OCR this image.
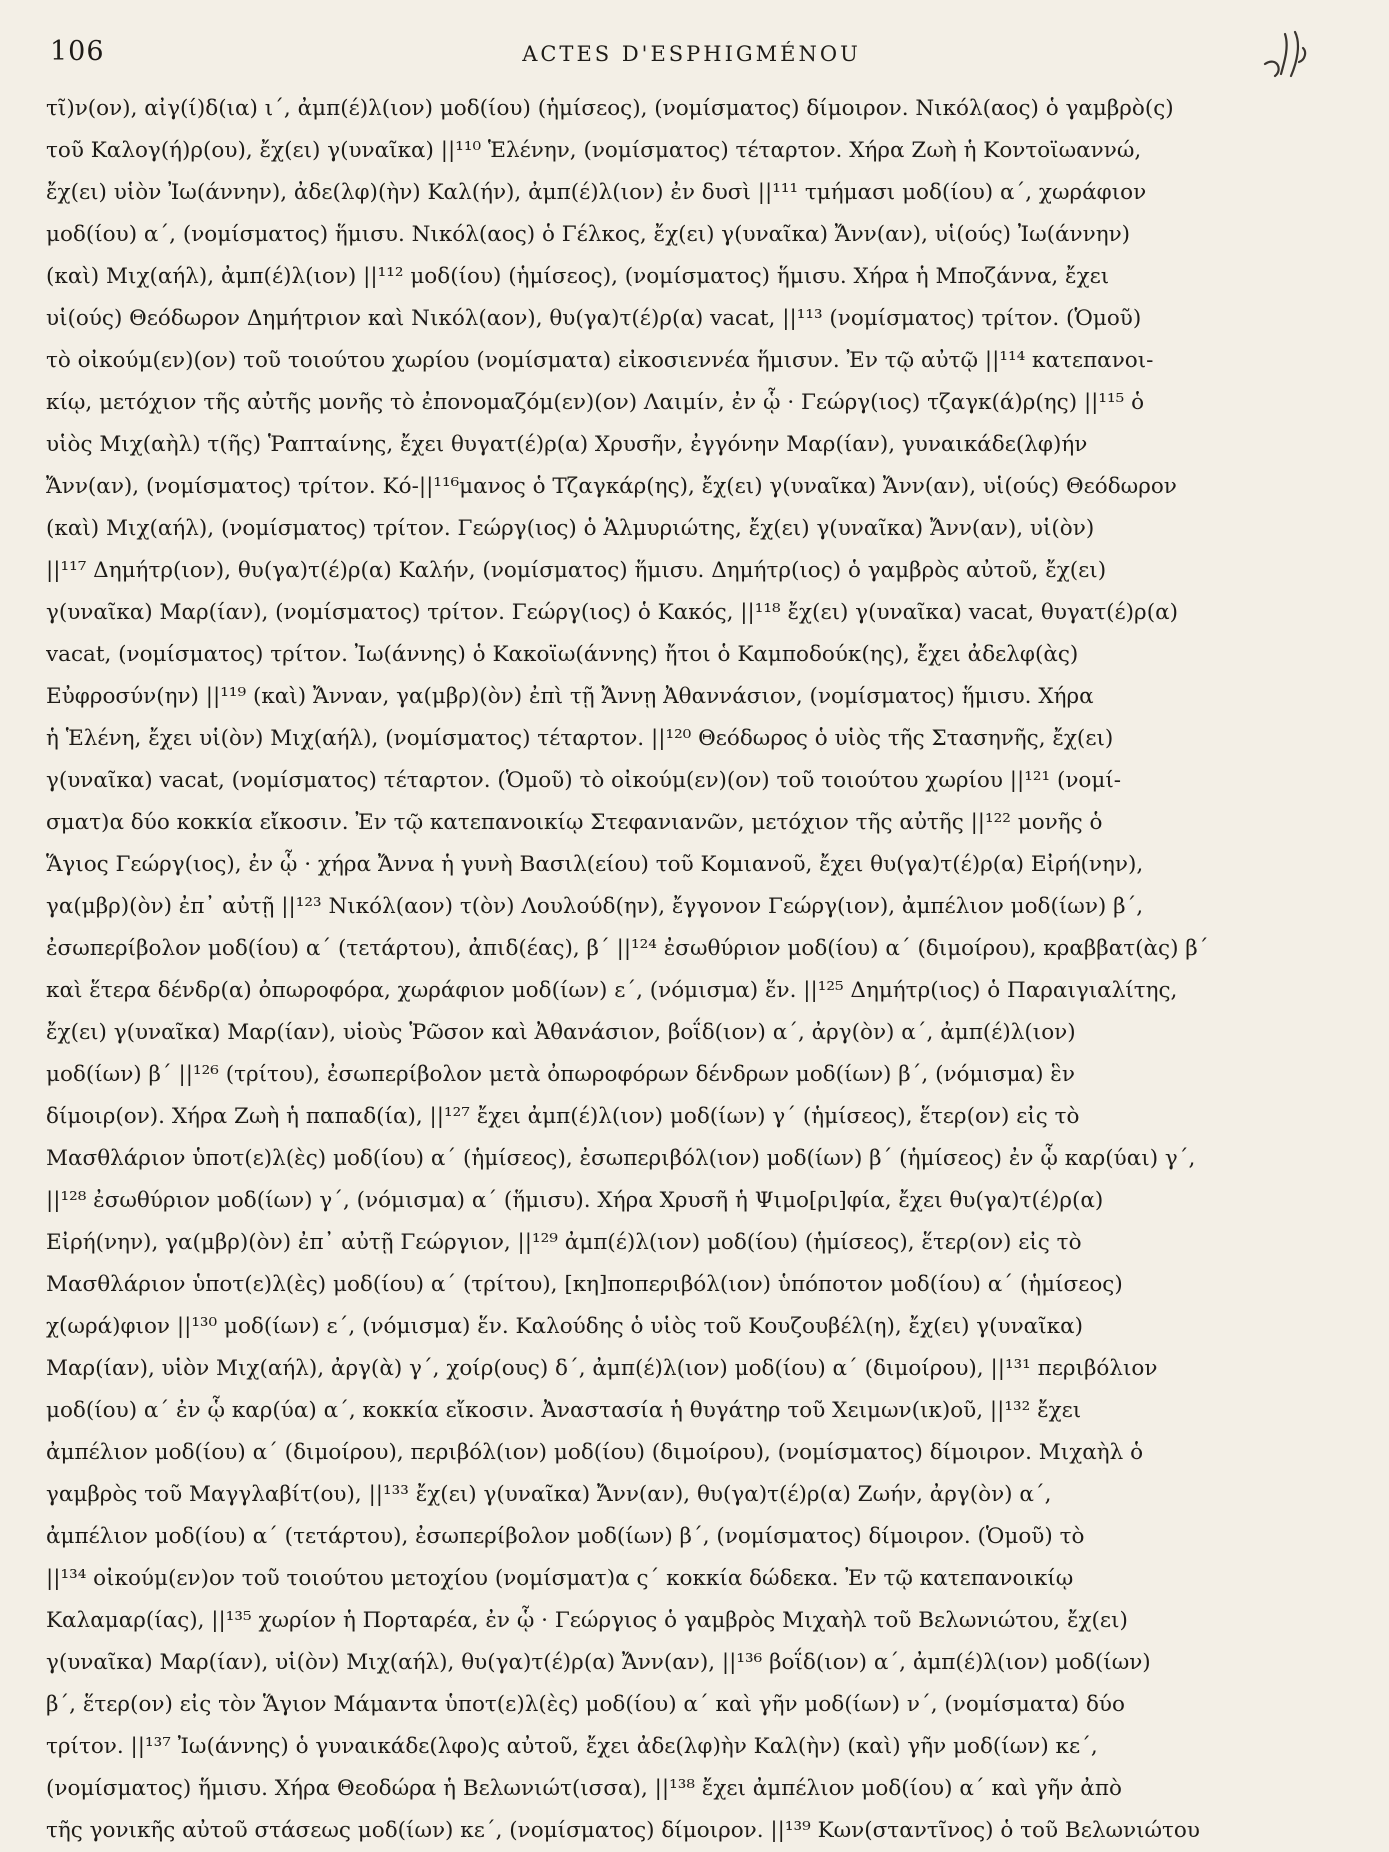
106	ACTES D'ESPHIGMÉNOU
τῖ)ν(ον), αἰγ(ί)δ(ια) ι´, ἀμπ(έ)λ(ιον) μοδ(ίου) (ἡμίσεος), (νομίσματος) δίμοιρον. Νικόλ(αος) ὁ γαμβρὸ(ς)
τοῦ Καλογ(ή)ρ(ου), ἔχ(ει) γ(υναῖκα) ||¹¹⁰ Ἑλένην, (νομίσματος) τέταρτον. Χήρα Ζωὴ ἡ Κοντοϊωαννώ,
ἔχ(ει) υἱὸν Ἰω(άννην), ἀδε(λφ)(ὴν) Καλ(ήν), ἀμπ(έ)λ(ιον) ἐν δυσὶ ||¹¹¹ τμήμασι μοδ(ίου) α´, χωράφιον
μοδ(ίου) α´, (νομίσματος) ἥμισυ. Νικόλ(αος) ὁ Γέλκος, ἔχ(ει) γ(υναῖκα) Ἄνν(αν), υἱ(ούς) Ἰω(άννην)
(καὶ) Μιχ(αήλ), ἀμπ(έ)λ(ιον) ||¹¹² μοδ(ίου) (ἡμίσεος), (νομίσματος) ἥμισυ. Χήρα ἡ Μποζάννα, ἔχει
υἱ(ούς) Θεόδωρον Δημήτριον καὶ Νικόλ(αον), θυ(γα)τ(έ)ρ(α) vacat, ||¹¹³ (νομίσματος) τρίτον. (Ὁμοῦ)
τὸ οἰκούμ(εν)(ον) τοῦ τοιούτου χωρίου (νομίσματα) εἰκοσιεννέα ἥμισυν. Ἐν τῷ αὐτῷ ||¹¹⁴ κατεπανοι-
κίῳ, μετόχιον τῆς αὐτῆς μονῆς τὸ ἐπονομαζόμ(εν)(ον) Λαιμίν, ἐν ᾧ · Γεώργ(ιος) τζαγκ(ά)ρ(ης) ||¹¹⁵ ὁ
υἱὸς Μιχ(αὴλ) τ(ῆς) Ῥαπταίνης, ἔχει θυγατ(έ)ρ(α) Χρυσῆν, ἐγγόνην Μαρ(ίαν), γυναικάδε(λφ)ήν
Ἄνν(αν), (νομίσματος) τρίτον. Κό-||¹¹⁶μανος ὁ Τζαγκάρ(ης), ἔχ(ει) γ(υναῖκα) Ἄνν(αν), υἱ(ούς) Θεόδωρον
(καὶ) Μιχ(αήλ), (νομίσματος) τρίτον. Γεώργ(ιος) ὁ Ἁλμυριώτης, ἔχ(ει) γ(υναῖκα) Ἄνν(αν), υἱ(ὸν)
||¹¹⁷ Δημήτρ(ιον), θυ(γα)τ(έ)ρ(α) Καλήν, (νομίσματος) ἥμισυ. Δημήτρ(ιος) ὁ γαμβρὸς αὐτοῦ, ἔχ(ει)
γ(υναῖκα) Μαρ(ίαν), (νομίσματος) τρίτον. Γεώργ(ιος) ὁ Κακός, ||¹¹⁸ ἔχ(ει) γ(υναῖκα) vacat, θυγατ(έ)ρ(α)
vacat, (νομίσματος) τρίτον. Ἰω(άννης) ὁ Κακοϊω(άννης) ἤτοι ὁ Καμποδούκ(ης), ἔχει ἀδελφ(ὰς)
Εὐφροσύν(ην) ||¹¹⁹ (καὶ) Ἄνναν, γα(μβρ)(ὸν) ἐπὶ τῇ Ἄννῃ Ἀθαννάσιον, (νομίσματος) ἥμισυ. Χήρα
ἡ Ἑλένη, ἔχει υἱ(ὸν) Μιχ(αήλ), (νομίσματος) τέταρτον. ||¹²⁰ Θεόδωρος ὁ υἱὸς τῆς Στασηνῆς, ἔχ(ει)
γ(υναῖκα) vacat, (νομίσματος) τέταρτον. (Ὁμοῦ) τὸ οἰκούμ(εν)(ον) τοῦ τοιούτου χωρίου ||¹²¹ (νομί-
σματ)α δύο κοκκία εἴκοσιν. Ἐν τῷ κατεπανοικίῳ Στεφανιανῶν, μετόχιον τῆς αὐτῆς ||¹²² μονῆς ὁ
Ἅγιος Γεώργ(ιος), ἐν ᾧ · χήρα Ἄννα ἡ γυνὴ Βασιλ(είου) τοῦ Κομιανοῦ, ἔχει θυ(γα)τ(έ)ρ(α) Εἰρή(νην),
γα(μβρ)(ὸν) ἐπ᾽ αὐτῇ ||¹²³ Νικόλ(αον) τ(ὸν) Λουλούδ(ην), ἔγγονον Γεώργ(ιον), ἀμπέλιον μοδ(ίων) β´,
ἐσωπερίβολον μοδ(ίου) α´ (τετάρτου), ἀπιδ(έας), β´ ||¹²⁴ ἐσωθύριον μοδ(ίου) α´ (διμοίρου), κραββατ(ὰς) β´
καὶ ἕτερα δένδρ(α) ὀπωροφόρα, χωράφιον μοδ(ίων) ε´, (νόμισμα) ἕν. ||¹²⁵ Δημήτρ(ιος) ὁ Παραιγιαλίτης,
ἔχ(ει) γ(υναῖκα) Μαρ(ίαν), υἱοὺς Ῥῶσον καὶ Ἀθανάσιον, βοΐδ(ιον) α´, ἀργ(ὸν) α´, ἀμπ(έ)λ(ιον)
μοδ(ίων) β´ ||¹²⁶ (τρίτου), ἐσωπερίβολον μετὰ ὀπωροφόρων δένδρων μοδ(ίων) β´, (νόμισμα) ἓν
δίμοιρ(ον). Χήρα Ζωὴ ἡ παπαδ(ία), ||¹²⁷ ἔχει ἀμπ(έ)λ(ιον) μοδ(ίων) γ´ (ἡμίσεος), ἕτερ(ον) εἰς τὸ
Μασθλάριον ὑποτ(ε)λ(ὲς) μοδ(ίου) α´ (ἡμίσεος), ἐσωπεριβόλ(ιον) μοδ(ίων) β´ (ἡμίσεος) ἐν ᾧ καρ(ύαι) γ´,
||¹²⁸ ἐσωθύριον μοδ(ίων) γ´, (νόμισμα) α´ (ἥμισυ). Χήρα Χρυσῆ ἡ Ψιμο[ρι]φία, ἔχει θυ(γα)τ(έ)ρ(α)
Εἰρή(νην), γα(μβρ)(ὸν) ἐπ᾽ αὐτῇ Γεώργιον, ||¹²⁹ ἀμπ(έ)λ(ιον) μοδ(ίου) (ἡμίσεος), ἕτερ(ον) εἰς τὸ
Μασθλάριον ὑποτ(ε)λ(ὲς) μοδ(ίου) α´ (τρίτου), [κη]ποπεριβόλ(ιον) ὑπόποτον μοδ(ίου) α´ (ἡμίσεος)
χ(ωρά)φιον ||¹³⁰ μοδ(ίων) ε´, (νόμισμα) ἕν. Καλούδης ὁ υἱὸς τοῦ Κουζουβέλ(η), ἔχ(ει) γ(υναῖκα)
Μαρ(ίαν), υἱὸν Μιχ(αήλ), ἀργ(ὰ) γ´, χοίρ(ους) δ´, ἀμπ(έ)λ(ιον) μοδ(ίου) α´ (διμοίρου), ||¹³¹ περιβόλιον
μοδ(ίου) α´ ἐν ᾧ καρ(ύα) α´, κοκκία εἴκοσιν. Ἀναστασία ἡ θυγάτηρ τοῦ Χειμων(ικ)οῦ, ||¹³² ἔχει
ἀμπέλιον μοδ(ίου) α´ (διμοίρου), περιβόλ(ιον) μοδ(ίου) (διμοίρου), (νομίσματος) δίμοιρον. Μιχαὴλ ὁ
γαμβρὸς τοῦ Μαγγλαβίτ(ου), ||¹³³ ἔχ(ει) γ(υναῖκα) Ἄνν(αν), θυ(γα)τ(έ)ρ(α) Ζωήν, ἀργ(ὸν) α´,
ἀμπέλιον μοδ(ίου) α´ (τετάρτου), ἐσωπερίβολον μοδ(ίων) β´, (νομίσματος) δίμοιρον. (Ὁμοῦ) τὸ
||¹³⁴ οἰκούμ(εν)ον τοῦ τοιούτου μετοχίου (νομίσματ)α ς´ κοκκία δώδεκα. Ἐν τῷ κατεπανοικίῳ
Καλαμαρ(ίας), ||¹³⁵ χωρίον ἡ Πορταρέα, ἐν ᾧ · Γεώργιος ὁ γαμβρὸς Μιχαὴλ τοῦ Βελωνιώτου, ἔχ(ει)
γ(υναῖκα) Μαρ(ίαν), υἱ(ὸν) Μιχ(αήλ), θυ(γα)τ(έ)ρ(α) Ἄνν(αν), ||¹³⁶ βοΐδ(ιον) α´, ἀμπ(έ)λ(ιον) μοδ(ίων)
β´, ἕτερ(ον) εἰς τὸν Ἅγιον Μάμαντα ὑποτ(ε)λ(ὲς) μοδ(ίου) α´ καὶ γῆν μοδ(ίων) ν´, (νομίσματα) δύο
τρίτον. ||¹³⁷ Ἰω(άννης) ὁ γυναικάδε(λφο)ς αὐτοῦ, ἔχει ἀδε(λφ)ὴν Καλ(ὴν) (καὶ) γῆν μοδ(ίων) κε´,
(νομίσματος) ἥμισυ. Χήρα Θεοδώρα ἡ Βελωνιώτ(ισσα), ||¹³⁸ ἔχει ἀμπέλιον μοδ(ίου) α´ καὶ γῆν ἀπὸ
τῆς γονικῆς αὐτοῦ στάσεως μοδ(ίων) κε´, (νομίσματος) δίμοιρον. ||¹³⁹ Κων(σταντῖνος) ὁ τοῦ Βελωνιώτου
